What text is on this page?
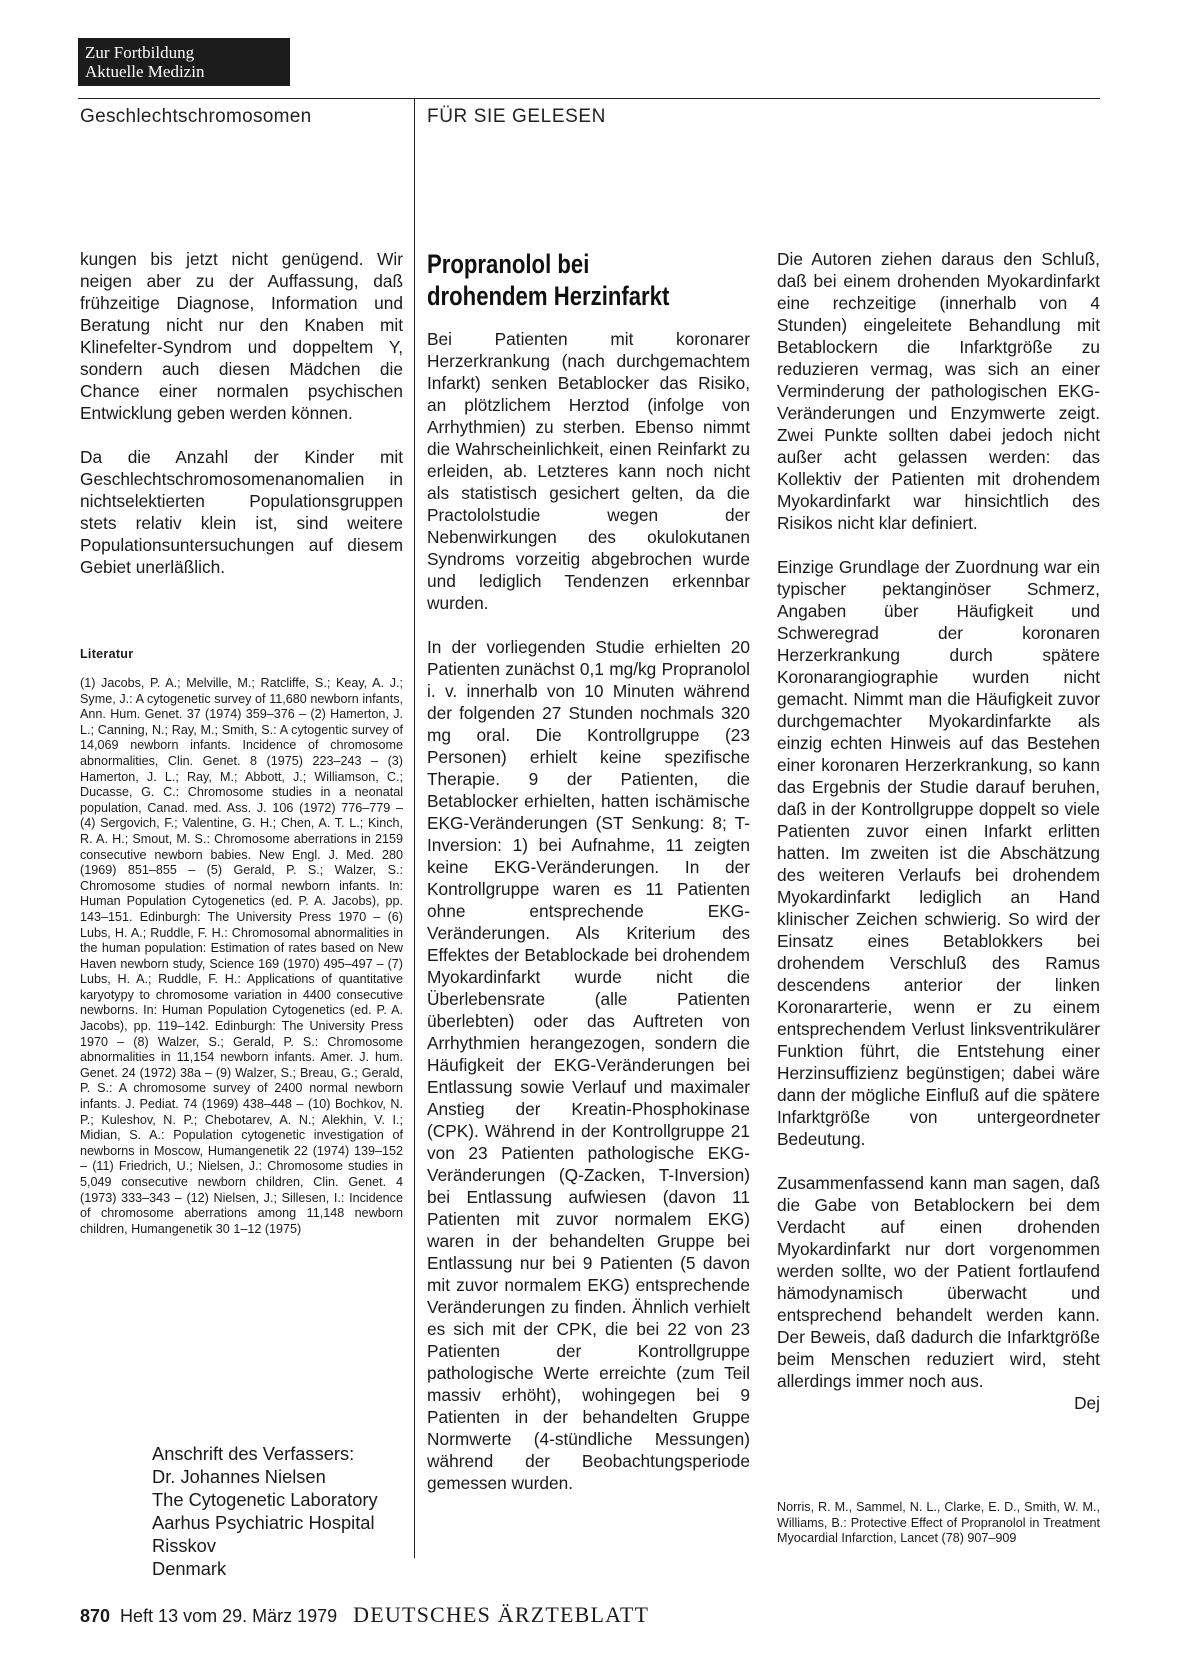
Zur Fortbildung
Aktuelle Medizin
Geschlechtschromosomen	FÜR SIE GELESEN

kungen bis jetzt nicht genügend. Wir neigen aber zu der Auffassung, daß frühzeitige Diagnose, Information und Beratung nicht nur den Knaben mit Klinefelter-Syndrom und doppeltem Y, sondern auch diesen Mädchen die Chance einer normalen psychischen Entwicklung geben werden können.

Da die Anzahl der Kinder mit Geschlechtschromosomenanomalien in nichtselektierten Populationsgruppen stets relativ klein ist, sind weitere Populationsuntersuchungen auf diesem Gebiet unerläßlich.

Literatur
(1) Jacobs, P. A.; Melville, M.; Ratcliffe, S.; Keay, A. J.; Syme, J.: A cytogenetic survey of 11,680 newborn infants, Ann. Hum. Genet. 37 (1974) 359–376 – (2) Hamerton, J. L.; Canning, N.; Ray, M.; Smith, S.: A cytogentic survey of 14,069 newborn infants. Incidence of chromosome abnormalities, Clin. Genet. 8 (1975) 223–243 – (3) Hamerton, J. L.; Ray, M.; Abbott, J.; Williamson, C.; Ducasse, G. C.: Chromosome studies in a neonatal population, Canad. med. Ass. J. 106 (1972) 776–779 – (4) Sergovich, F.; Valentine, G. H.; Chen, A. T. L.; Kinch, R. A. H.; Smout, M. S.: Chromosome aberrations in 2159 consecutive newborn babies. New Engl. J. Med. 280 (1969) 851–855 – (5) Gerald, P. S.; Walzer, S.: Chromosome studies of normal newborn infants. In: Human Population Cytogenetics (ed. P. A. Jacobs), pp. 143–151. Edinburgh: The University Press 1970 – (6) Lubs, H. A.; Ruddle, F. H.: Chromosomal abnormalities in the human population: Estimation of rates based on New Haven newborn study, Science 169 (1970) 495–497 – (7) Lubs, H. A.; Ruddle, F. H.: Applications of quantitative karyotypy to chromosome variation in 4400 consecutive newborns. In: Human Population Cytogenetics (ed. P. A. Jacobs), pp. 119–142. Edinburgh: The University Press 1970 – (8) Walzer, S.; Gerald, P. S.: Chromosome abnormalities in 11,154 newborn infants. Amer. J. hum. Genet. 24 (1972) 38a – (9) Walzer, S.; Breau, G.; Gerald, P. S.: A chromosome survey of 2400 normal newborn infants. J. Pediat. 74 (1969) 438–448 – (10) Bochkov, N. P.; Kuleshov, N. P.; Chebotarev, A. N.; Alekhin, V. I.; Midian, S. A.: Population cytogenetic investigation of newborns in Moscow, Humangenetik 22 (1974) 139–152 – (11) Friedrich, U.; Nielsen, J.: Chromosome studies in 5,049 consecutive newborn children, Clin. Genet. 4 (1973) 333–343 – (12) Nielsen, J.; Sillesen, I.: Incidence of chromosome aberrations among 11,148 newborn children, Humangenetik 30 1–12 (1975)
Anschrift des Verfassers:
Dr. Johannes Nielsen
The Cytogenetic Laboratory
Aarhus Psychiatric Hospital
Risskov
Denmark
Propranolol bei
drohendem Herzinfarkt

Bei Patienten mit koronarer Herzerkrankung (nach durchgemachtem Infarkt) senken Betablocker das Risiko, an plötzlichem Herztod (infolge von Arrhythmien) zu sterben. Ebenso nimmt die Wahrscheinlichkeit, einen Reinfarkt zu erleiden, ab. Letzteres kann noch nicht als statistisch gesichert gelten, da die Practololstudie wegen der Nebenwirkungen des okulokutanen Syndroms vorzeitig abgebrochen wurde und lediglich Tendenzen erkennbar wurden.

In der vorliegenden Studie erhielten 20 Patienten zunächst 0,1 mg/kg Propranolol i. v. innerhalb von 10 Minuten während der folgenden 27 Stunden nochmals 320 mg oral. Die Kontrollgruppe (23 Personen) erhielt keine spezifische Therapie. 9 der Patienten, die Betablocker erhielten, hatten ischämische EKG-Veränderungen (ST Senkung: 8; T-Inversion: 1) bei Aufnahme, 11 zeigten keine EKG-Veränderungen. In der Kontrollgruppe waren es 11 Patienten ohne entsprechende EKG-Veränderungen. Als Kriterium des Effektes der Betablockade bei drohendem Myokardinfarkt wurde nicht die Überlebensrate (alle Patienten überlebten) oder das Auftreten von Arrhythmien herangezogen, sondern die Häufigkeit der EKG-Veränderungen bei Entlassung sowie Verlauf und maximaler Anstieg der Kreatin-Phosphokinase (CPK). Während in der Kontrollgruppe 21 von 23 Patienten pathologische EKG-Veränderungen (Q-Zacken, T-Inversion) bei Entlassung aufwiesen (davon 11 Patienten mit zuvor normalem EKG) waren in der behandelten Gruppe bei Entlassung nur bei 9 Patienten (5 davon mit zuvor normalem EKG) entsprechende Veränderungen zu finden. Ähnlich verhielt es sich mit der CPK, die bei 22 von 23 Patienten der Kontrollgruppe pathologische Werte erreichte (zum Teil massiv erhöht), wohingegen bei 9 Patienten in der behandelten Gruppe Normwerte (4-stündliche Messungen) während der Beobachtungsperiode gemessen wurden.

Die Autoren ziehen daraus den Schluß, daß bei einem drohenden Myokardinfarkt eine rechzeitige (innerhalb von 4 Stunden) eingeleitete Behandlung mit Betablockern die Infarktgröße zu reduzieren vermag, was sich an einer Verminderung der pathologischen EKG-Veränderungen und Enzymwerte zeigt. Zwei Punkte sollten dabei jedoch nicht außer acht gelassen werden: das Kollektiv der Patienten mit drohendem Myokardinfarkt war hinsichtlich des Risikos nicht klar definiert.

Einzige Grundlage der Zuordnung war ein typischer pektanginöser Schmerz, Angaben über Häufigkeit und Schweregrad der koronaren Herzerkrankung durch spätere Koronarangiographie wurden nicht gemacht. Nimmt man die Häufigkeit zuvor durchgemachter Myokardinfarkte als einzig echten Hinweis auf das Bestehen einer koronaren Herzerkrankung, so kann das Ergebnis der Studie darauf beruhen, daß in der Kontrollgruppe doppelt so viele Patienten zuvor einen Infarkt erlitten hatten. Im zweiten ist die Abschätzung des weiteren Verlaufs bei drohendem Myokardinfarkt lediglich an Hand klinischer Zeichen schwierig. So wird der Einsatz eines Betablokkers bei drohendem Verschluß des Ramus descendens anterior der linken Koronararterie, wenn er zu einem entsprechendem Verlust linksventrikulärer Funktion führt, die Entstehung einer Herzinsuffizienz begünstigen; dabei wäre dann der mögliche Einfluß auf die spätere Infarktgröße von untergeordneter Bedeutung.

Zusammenfassend kann man sagen, daß die Gabe von Betablockern bei dem Verdacht auf einen drohenden Myokardinfarkt nur dort vorgenommen werden sollte, wo der Patient fortlaufend hämodynamisch überwacht und entsprechend behandelt werden kann. Der Beweis, daß dadurch die Infarktgröße beim Menschen reduziert wird, steht allerdings immer noch aus.

Dej
Norris, R. M., Sammel, N. L., Clarke, E. D., Smith, W. M., Williams, B.: Protective Effect of Propranolol in Treatment Myocardial Infarction, Lancet (78) 907–909
870 Heft 13 vom 29. März 1979 DEUTSCHES ÄRZTEBLATT
